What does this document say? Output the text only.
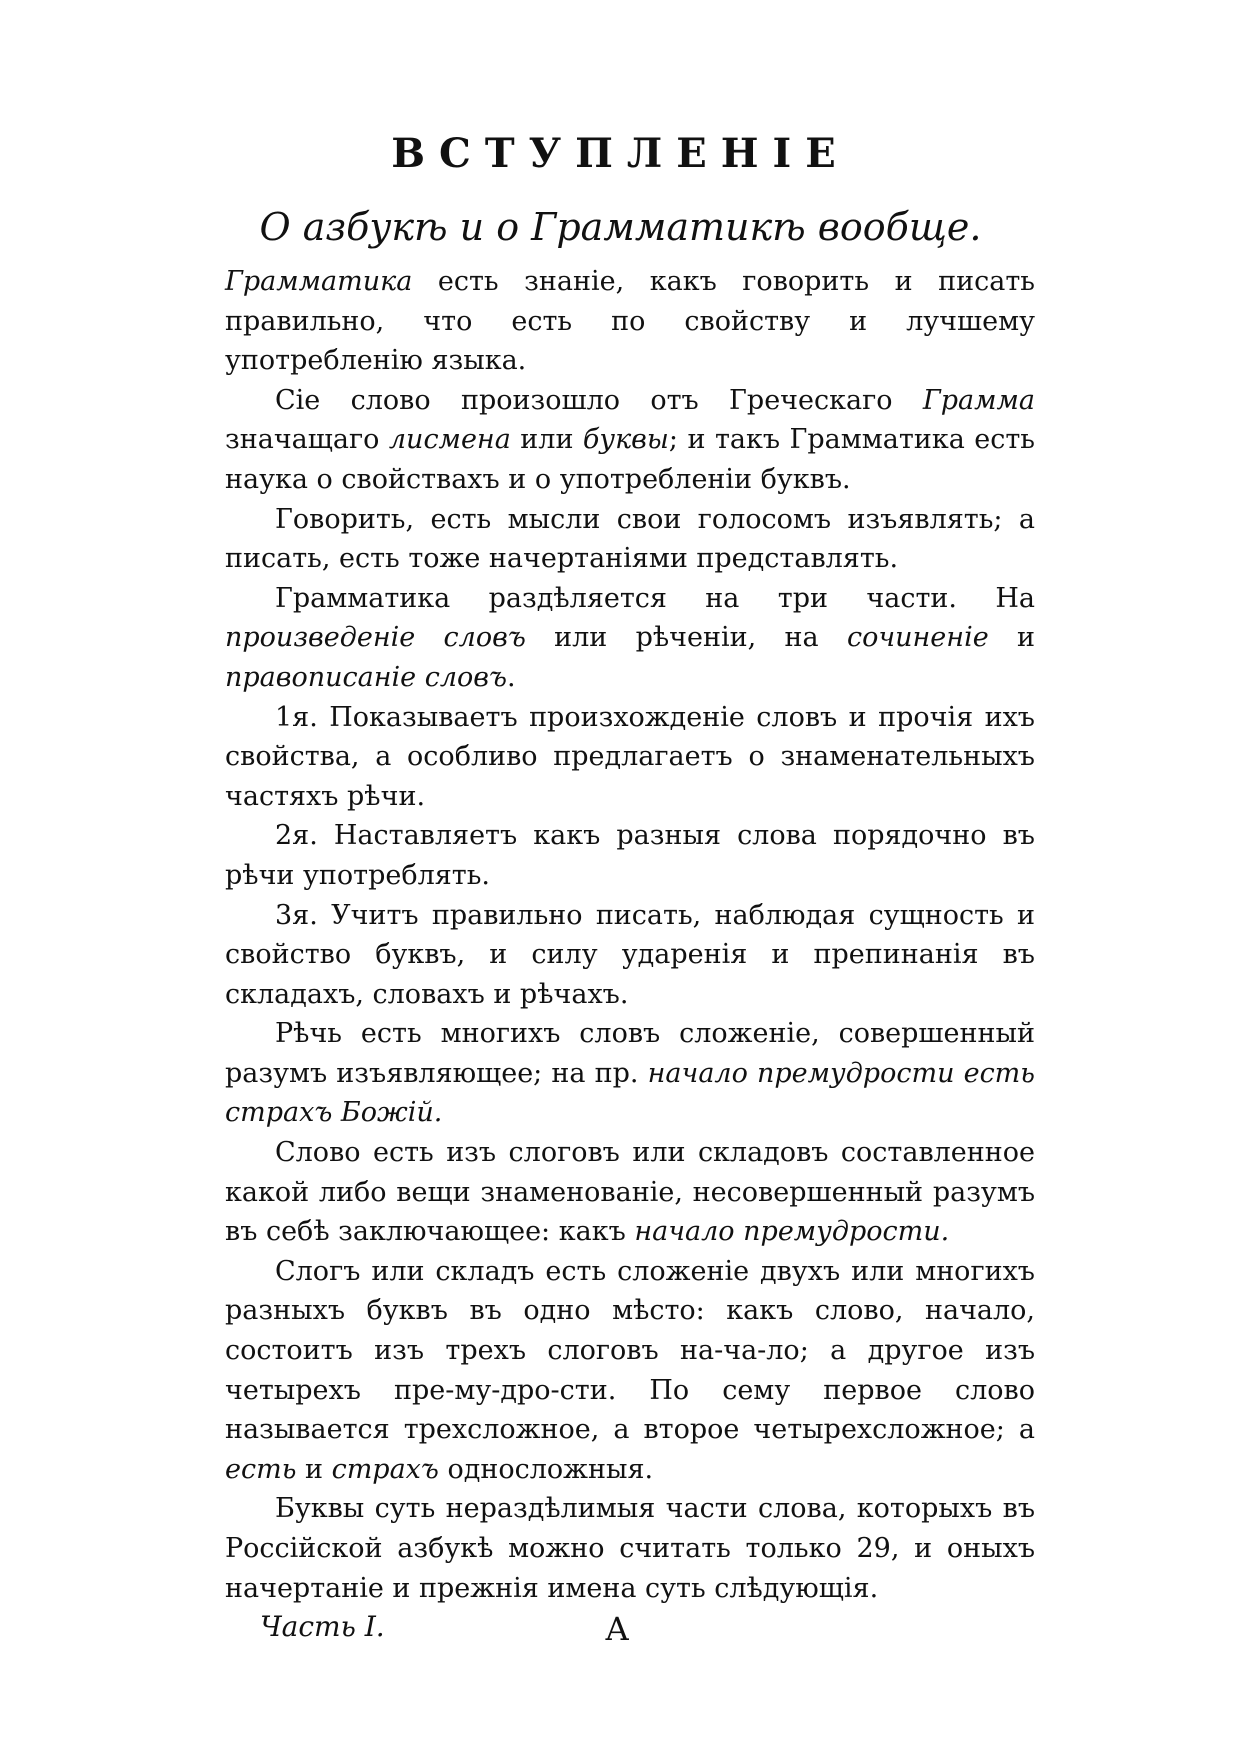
ВСТУПЛЕНІЕ
О азбукѣ и о Грамматикѣ вообще.

Грамматика есть знаніе, какъ говорить и писать правильно, что есть по свойству и лучшему употребленію языка.

Сіе слово произошло отъ Греческаго Грамма значащаго лисмена или буквы; и такъ Грамматика есть наука о свойствахъ и о употребленіи буквъ.

Говорить, есть мысли свои голосомъ изъявлять; а писать, есть тоже начертаніями представлять.

Грамматика раздѣляется на три части. На произведеніе словъ или рѣченіи, на сочиненіе и правописаніе словъ.

1я. Показываетъ произхожденіе словъ и прочія ихъ свойства, а особливо предлагаетъ о знаменательныхъ частяхъ рѣчи.

2я. Наставляетъ какъ разныя слова порядочно въ рѣчи употреблять.

3я. Учитъ правильно писать, наблюдая сущность и свойство буквъ, и силу ударенія и препинанія въ складахъ, словахъ и рѣчахъ.

Рѣчь есть многихъ словъ сложеніе, совершенный разумъ изъявляющее; на пр. начало премудрости есть страхъ Божій.

Слово есть изъ слоговъ или складовъ составленное какой либо вещи знаменованіе, несовершенный разумъ въ себѣ заключающее: какъ начало премудрости.

Слогъ или складъ есть сложеніе двухъ или многихъ разныхъ буквъ въ одно мѣсто: какъ слово, начало, состоитъ изъ трехъ слоговъ на-ча-ло; а другое изъ четырехъ пре-му-дро-сти. По сему первое слово называется трехсложное, а второе четырехсложное; а есть и страхъ односложныя.

Буквы суть нераздѣлимыя части слова, которыхъ въ Россійской азбукѣ можно считать только 29, и оныхъ начертаніе и прежнія имена суть слѣдующія.

Часть I.	А
